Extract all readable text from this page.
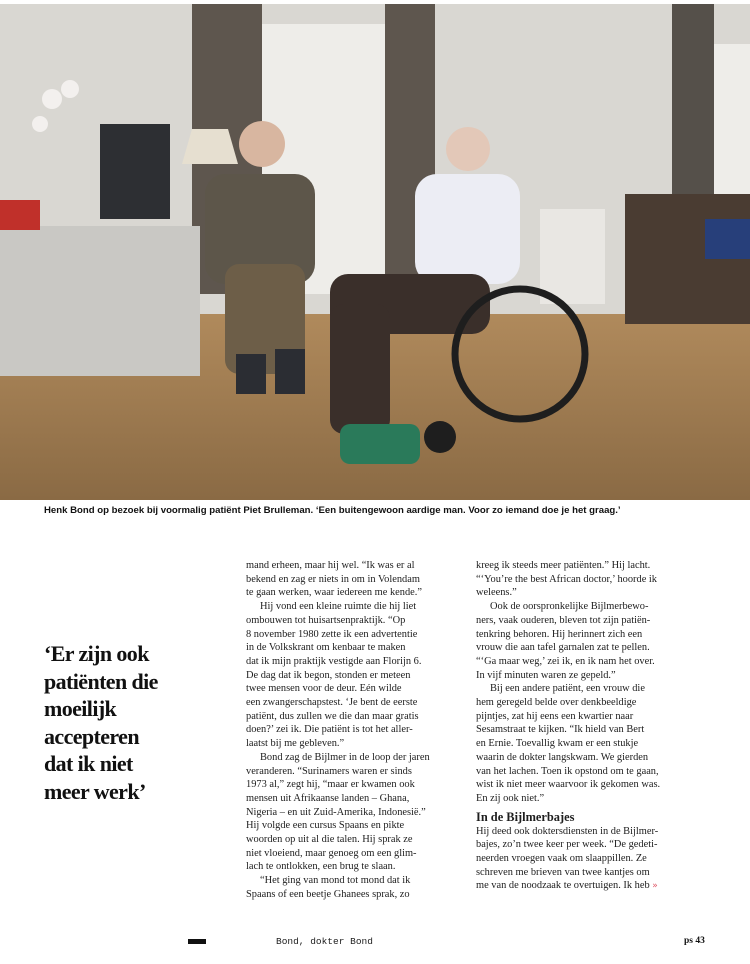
Henk Bond op bezoek bij voormalig patiënt Piet Brulleman. ‘Een buitengewoon aardige man. Voor zo iemand doe je het graag.’
‘Er zijn ook
patiënten die
moeilijk
accepteren
dat ik niet
meer werk’
mand erheen, maar hij wel. “Ik was er al
bekend en zag er niets in om in Volendam
te gaan werken, waar iedereen me kende.”
Hij vond een kleine ruimte die hij liet
ombouwen tot huisartsenpraktijk. “Op
8 november 1980 zette ik een advertentie
in de Volkskrant om kenbaar te maken
dat ik mijn praktijk vestigde aan Florijn 6.
De dag dat ik begon, stonden er meteen
twee mensen voor de deur. Eén wilde
een zwangerschapstest. ‘Je bent de eerste
patiënt, dus zullen we die dan maar gratis
doen?’ zei ik. Die patiënt is tot het aller-
laatst bij me gebleven.”
Bond zag de Bijlmer in de loop der jaren
veranderen. “Surinamers waren er sinds
1973 al,” zegt hij, “maar er kwamen ook
mensen uit Afrikaanse landen – Ghana,
Nigeria – en uit Zuid-Amerika, Indonesië.”
Hij volgde een cursus Spaans en pikte
woorden op uit al die talen. Hij sprak ze
niet vloeiend, maar genoeg om een glim-
lach te ontlokken, een brug te slaan.
“Het ging van mond tot mond dat ik
Spaans of een beetje Ghanees sprak, zo
kreeg ik steeds meer patiënten.” Hij lacht.
“‘You’re the best African doctor,’ hoorde ik
weleens.”
Ook de oorspronkelijke Bijlmerbewo-
ners, vaak ouderen, bleven tot zijn patiën-
tenkring behoren. Hij herinnert zich een
vrouw die aan tafel garnalen zat te pellen.
“‘Ga maar weg,’ zei ik, en ik nam het over.
In vijf minuten waren ze gepeld.”
Bij een andere patiënt, een vrouw die
hem geregeld belde over denkbeeldige
pijntjes, zat hij eens een kwartier naar
Sesamstraat te kijken. “Ik hield van Bert
en Ernie. Toevallig kwam er een stukje
waarin de dokter langskwam. We gierden
van het lachen. Toen ik opstond om te gaan,
wist ik niet meer waarvoor ik gekomen was.
En zij ook niet.”
In de Bijlmerbajes
Hij deed ook doktersdiensten in de Bijlmer-
bajes, zo’n twee keer per week. “De gedeti-
neerden vroegen vaak om slaappillen. Ze
schreven me brieven van twee kantjes om
me van de noodzaak te overtuigen. Ik heb »
Bond, dokter Bond	ps 43
